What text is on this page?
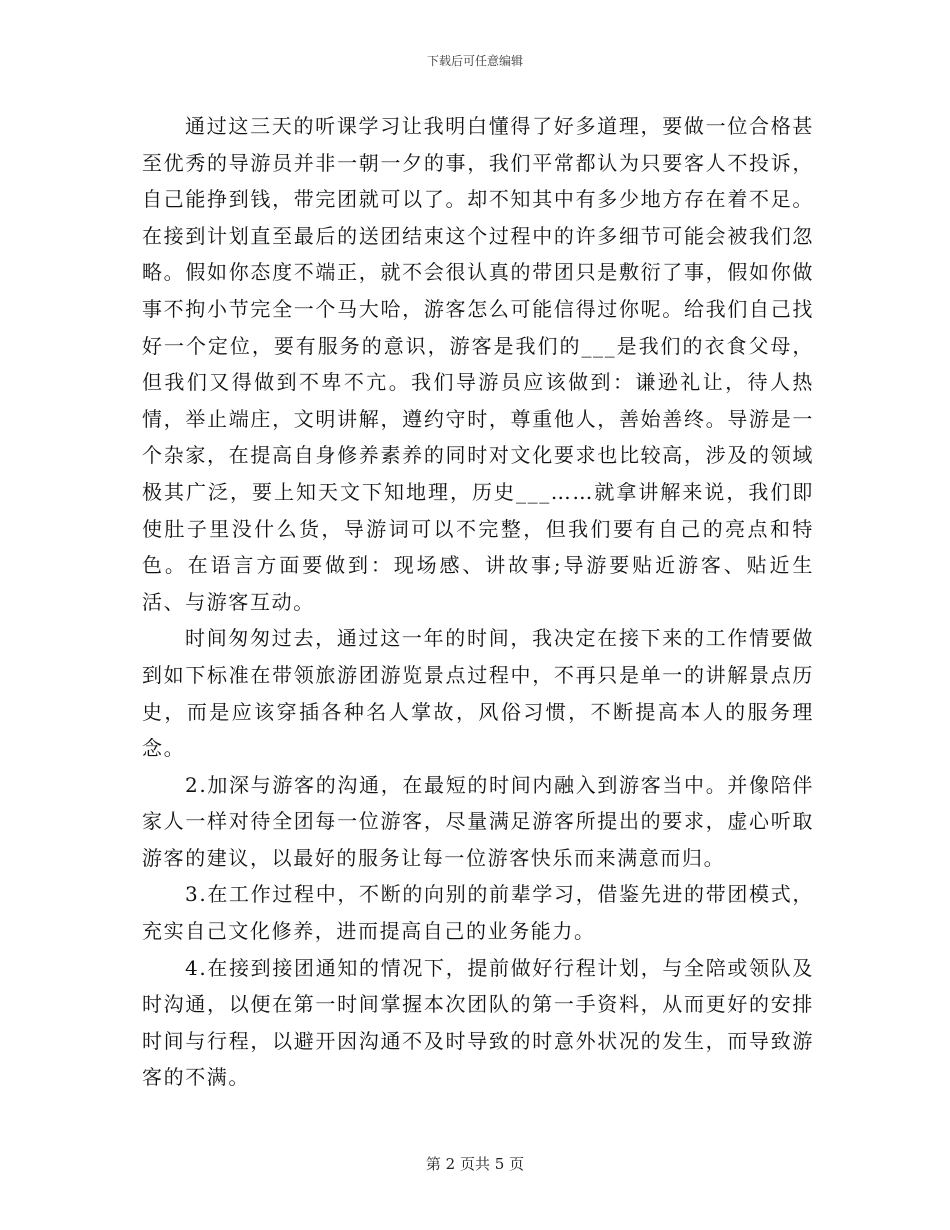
下载后可任意编辑

通过这三天的听课学习让我明白懂得了好多道理，要做一位合格甚至优秀的导游员并非一朝一夕的事，我们平常都认为只要客人不投诉，自己能挣到钱，带完团就可以了。却不知其中有多少地方存在着不足。在接到计划直至最后的送团结束这个过程中的许多细节可能会被我们忽略。假如你态度不端正，就不会很认真的带团只是敷衍了事，假如你做事不拘小节完全一个马大哈，游客怎么可能信得过你呢。给我们自己找好一个定位，要有服务的意识，游客是我们的___是我们的衣食父母，但我们又得做到不卑不亢。我们导游员应该做到：谦逊礼让，待人热情，举止端庄，文明讲解，遵约守时，尊重他人，善始善终。导游是一个杂家，在提高自身修养素养的同时对文化要求也比较高，涉及的领域极其广泛，要上知天文下知地理，历史___……就拿讲解来说，我们即使肚子里没什么货，导游词可以不完整，但我们要有自己的亮点和特色。在语言方面要做到：现场感、讲故事;导游要贴近游客、贴近生活、与游客互动。

时间匆匆过去，通过这一年的时间，我决定在接下来的工作情要做到如下标准在带领旅游团游览景点过程中，不再只是单一的讲解景点历史，而是应该穿插各种名人掌故，风俗习惯，不断提高本人的服务理念。

2.加深与游客的沟通，在最短的时间内融入到游客当中。并像陪伴家人一样对待全团每一位游客，尽量满足游客所提出的要求，虚心听取游客的建议，以最好的服务让每一位游客快乐而来满意而归。

3.在工作过程中，不断的向别的前辈学习，借鉴先进的带团模式，充实自己文化修养，进而提高自己的业务能力。

4.在接到接团通知的情况下，提前做好行程计划，与全陪或领队及时沟通，以便在第一时间掌握本次团队的第一手资料，从而更好的安排时间与行程，以避开因沟通不及时导致的时意外状况的发生，而导致游客的不满。

第 2 页共 5 页
